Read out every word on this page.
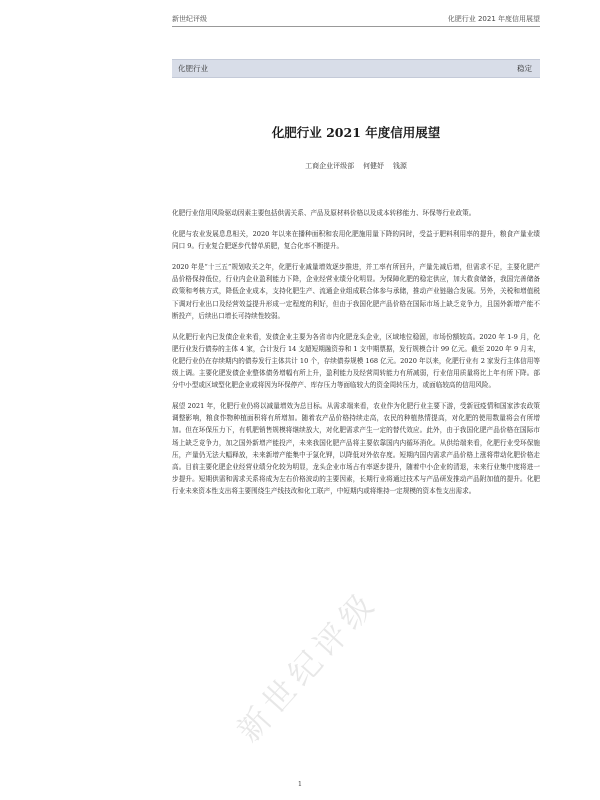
新世纪评级	化肥行业 2021 年度信用展望
化肥行业	稳定
化肥行业 2021 年度信用展望
工商企业评级部    何健妤    钱源

化肥行业信用风险驱动因素主要包括供需关系、产品及原材料价格以及成本转移能力、环保等行业政策。

化肥与农业发展息息相关，2020 年以来在播种面积和农用化肥施用量下降的同时，受益于肥料利用率的提升，粮食产量业绩同口 9。行业复合肥逐步代替单质肥，复合化率不断提升。

2020 年是“十三五”规划收关之年，化肥行业减量增效逐步推进，并工率有所回升，产量先减后增，但需求不足，主要化肥产品价格保持低位，行业内企业盈利能力下降，企业经营业绩分化明显。为保障化肥的稳定供应，加大救食储备，我国完善储备政策和考核方式，降低企业成本，支持化肥生产、流通企业组成联合体参与承储，推动产业链融合发展。另外，关税和增值税下调对行业出口及经营效益提升形成一定程度的利好，但由于我国化肥产品价格在国际市场上缺乏竞争力，且国外新增产能不断投产，后续出口增长可持续性较弱。

从化肥行业内已发债企业来看，发债企业主要为各省市内化肥龙头企业，区域地位稳固，市场份额较高。2020 年 1-9 月，化肥行业发行债券的主体 4 家，合计发行 14 支超短期融资券和 1 支中期票据，发行规模合计 99 亿元。截至 2020 年 9 月末，化肥行业仍在存续期内的债券发行主体共计 10 个，存续债券规模 168 亿元。2020 年以来，化肥行业有 2 家发行主体信用等级上调。主要化肥发债企业整体债务增幅有所上升，盈利能力及经营周转能力有所减弱，行业信用质量将比上年有所下降。部分中小型或区域型化肥企业或将因为环保停产、库存压力等面临较大的资金周转压力，或面临较高的信用风险。

展望 2021 年，化肥行业仍将以减量增效为总目标。从需求端来看，农业作为化肥行业主要下游，受新冠疫情和国家涉农政策调整影响，粮食作物种植面积将有所增加。随着农产品价格持续走高，农民的种植热情提高，对化肥的使用数量将会有所增加。但在环保压力下，有机肥销售规模将继续放大，对化肥需求产生一定的替代效应。此外，由于我国化肥产品价格在国际市场上缺乏竞争力，加之国外新增产能投产，未来我国化肥产品将主要依靠国内内循环消化。从供给端来看，化肥行业受环保施压，产量仍无法大幅释放，未来新增产能集中于氯化钾，以降低对外依存度。短期内国内需求产品价格上涨将带动化肥价格走高。目前主要化肥企业经营业绩分化较为明显，龙头企业市场占有率逐步提升，随着中小企业的清退，未来行业集中度将进一步提升。短期供需和需求关系将成为左右价格波动的主要因素，长期行业将通过技术与产品研发推动产品附加值的提升。化肥行业未来资本性支出将主要围绕生产线技改和化工联产，中短期内或将维持一定规模的资本性支出需求。

新世纪评级
1
